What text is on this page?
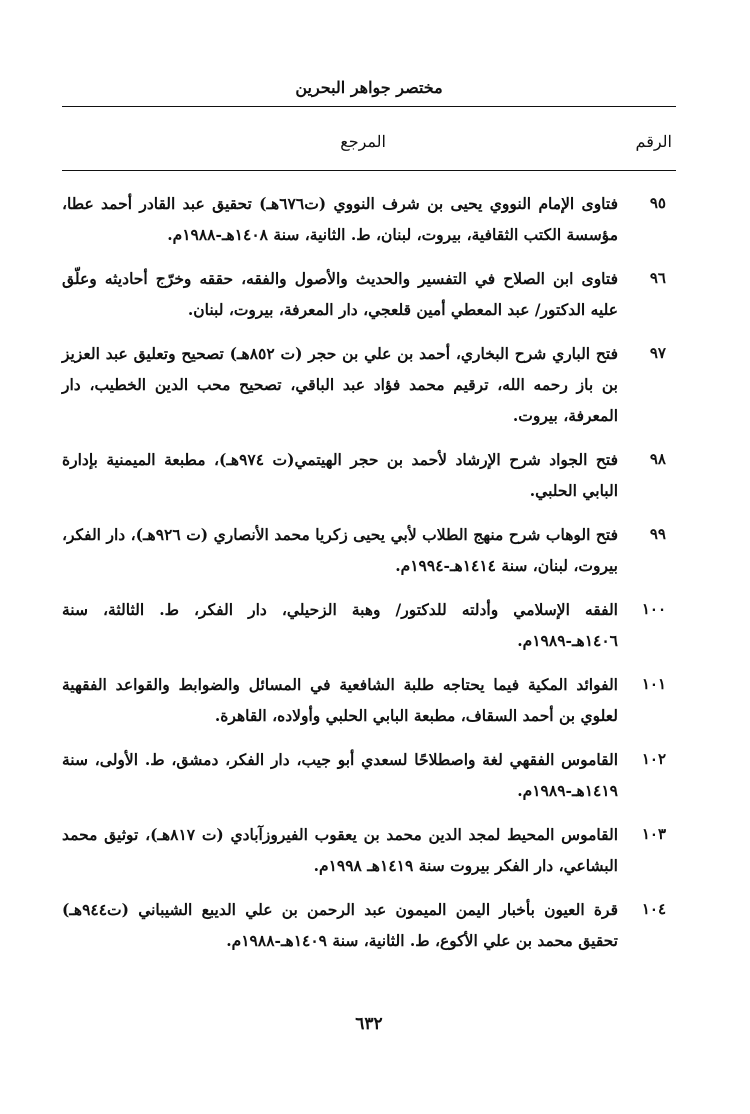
مختصر جواهر البحرين
الرقم
المرجع
٩٥
فتاوى الإمام النووي يحيى بن شرف النووي (ت٦٧٦هـ) تحقيق عبد القادر أحمد عطا، مؤسسة الكتب الثقافية، بيروت، لبنان، ط. الثانية، سنة ١٤٠٨هـ-١٩٨٨م.
٩٦
فتاوى ابن الصلاح في التفسير والحديث والأصول والفقه، حققه وخرّج أحاديثه وعلّق عليه الدكتور/ عبد المعطي أمين قلعجي، دار المعرفة، بيروت، لبنان.
٩٧
فتح الباري شرح البخاري، أحمد بن علي بن حجر (ت ٨٥٢هـ) تصحيح وتعليق عبد العزيز بن باز رحمه الله، ترقيم محمد فؤاد عبد الباقي، تصحيح محب الدين الخطيب، دار المعرفة، بيروت.
٩٨
فتح الجواد شرح الإرشاد لأحمد بن حجر الهيتمي(ت ٩٧٤هـ)، مطبعة الميمنية بإدارة البابي الحلبي.
٩٩
فتح الوهاب شرح منهج الطلاب لأبي يحيى زكريا محمد الأنصاري (ت ٩٢٦هـ)، دار الفكر، بيروت، لبنان، سنة ١٤١٤هـ-١٩٩٤م.
١٠٠
الفقه الإسلامي وأدلته للدكتور/ وهبة الزحيلي، دار الفكر، ط. الثالثة، سنة ١٤٠٦هـ-١٩٨٩م.
١٠١
الفوائد المكية فيما يحتاجه طلبة الشافعية في المسائل والضوابط والقواعد الفقهية لعلوي بن أحمد السقاف، مطبعة البابي الحلبي وأولاده، القاهرة.
١٠٢
القاموس الفقهي لغة واصطلاحًا لسعدي أبو جيب، دار الفكر، دمشق، ط. الأولى، سنة ١٤١٩هـ-١٩٨٩م.
١٠٣
القاموس المحيط لمجد الدين محمد بن يعقوب الفيروزآبادي (ت ٨١٧هـ)، توثيق محمد البشاعي، دار الفكر بيروت سنة ١٤١٩هـ ١٩٩٨م.
١٠٤
قرة العيون بأخبار اليمن الميمون عبد الرحمن بن علي الديبع الشيباني (ت٩٤٤هـ) تحقيق محمد بن علي الأكوع، ط. الثانية، سنة ١٤٠٩هـ-١٩٨٨م.
٦٣٢
